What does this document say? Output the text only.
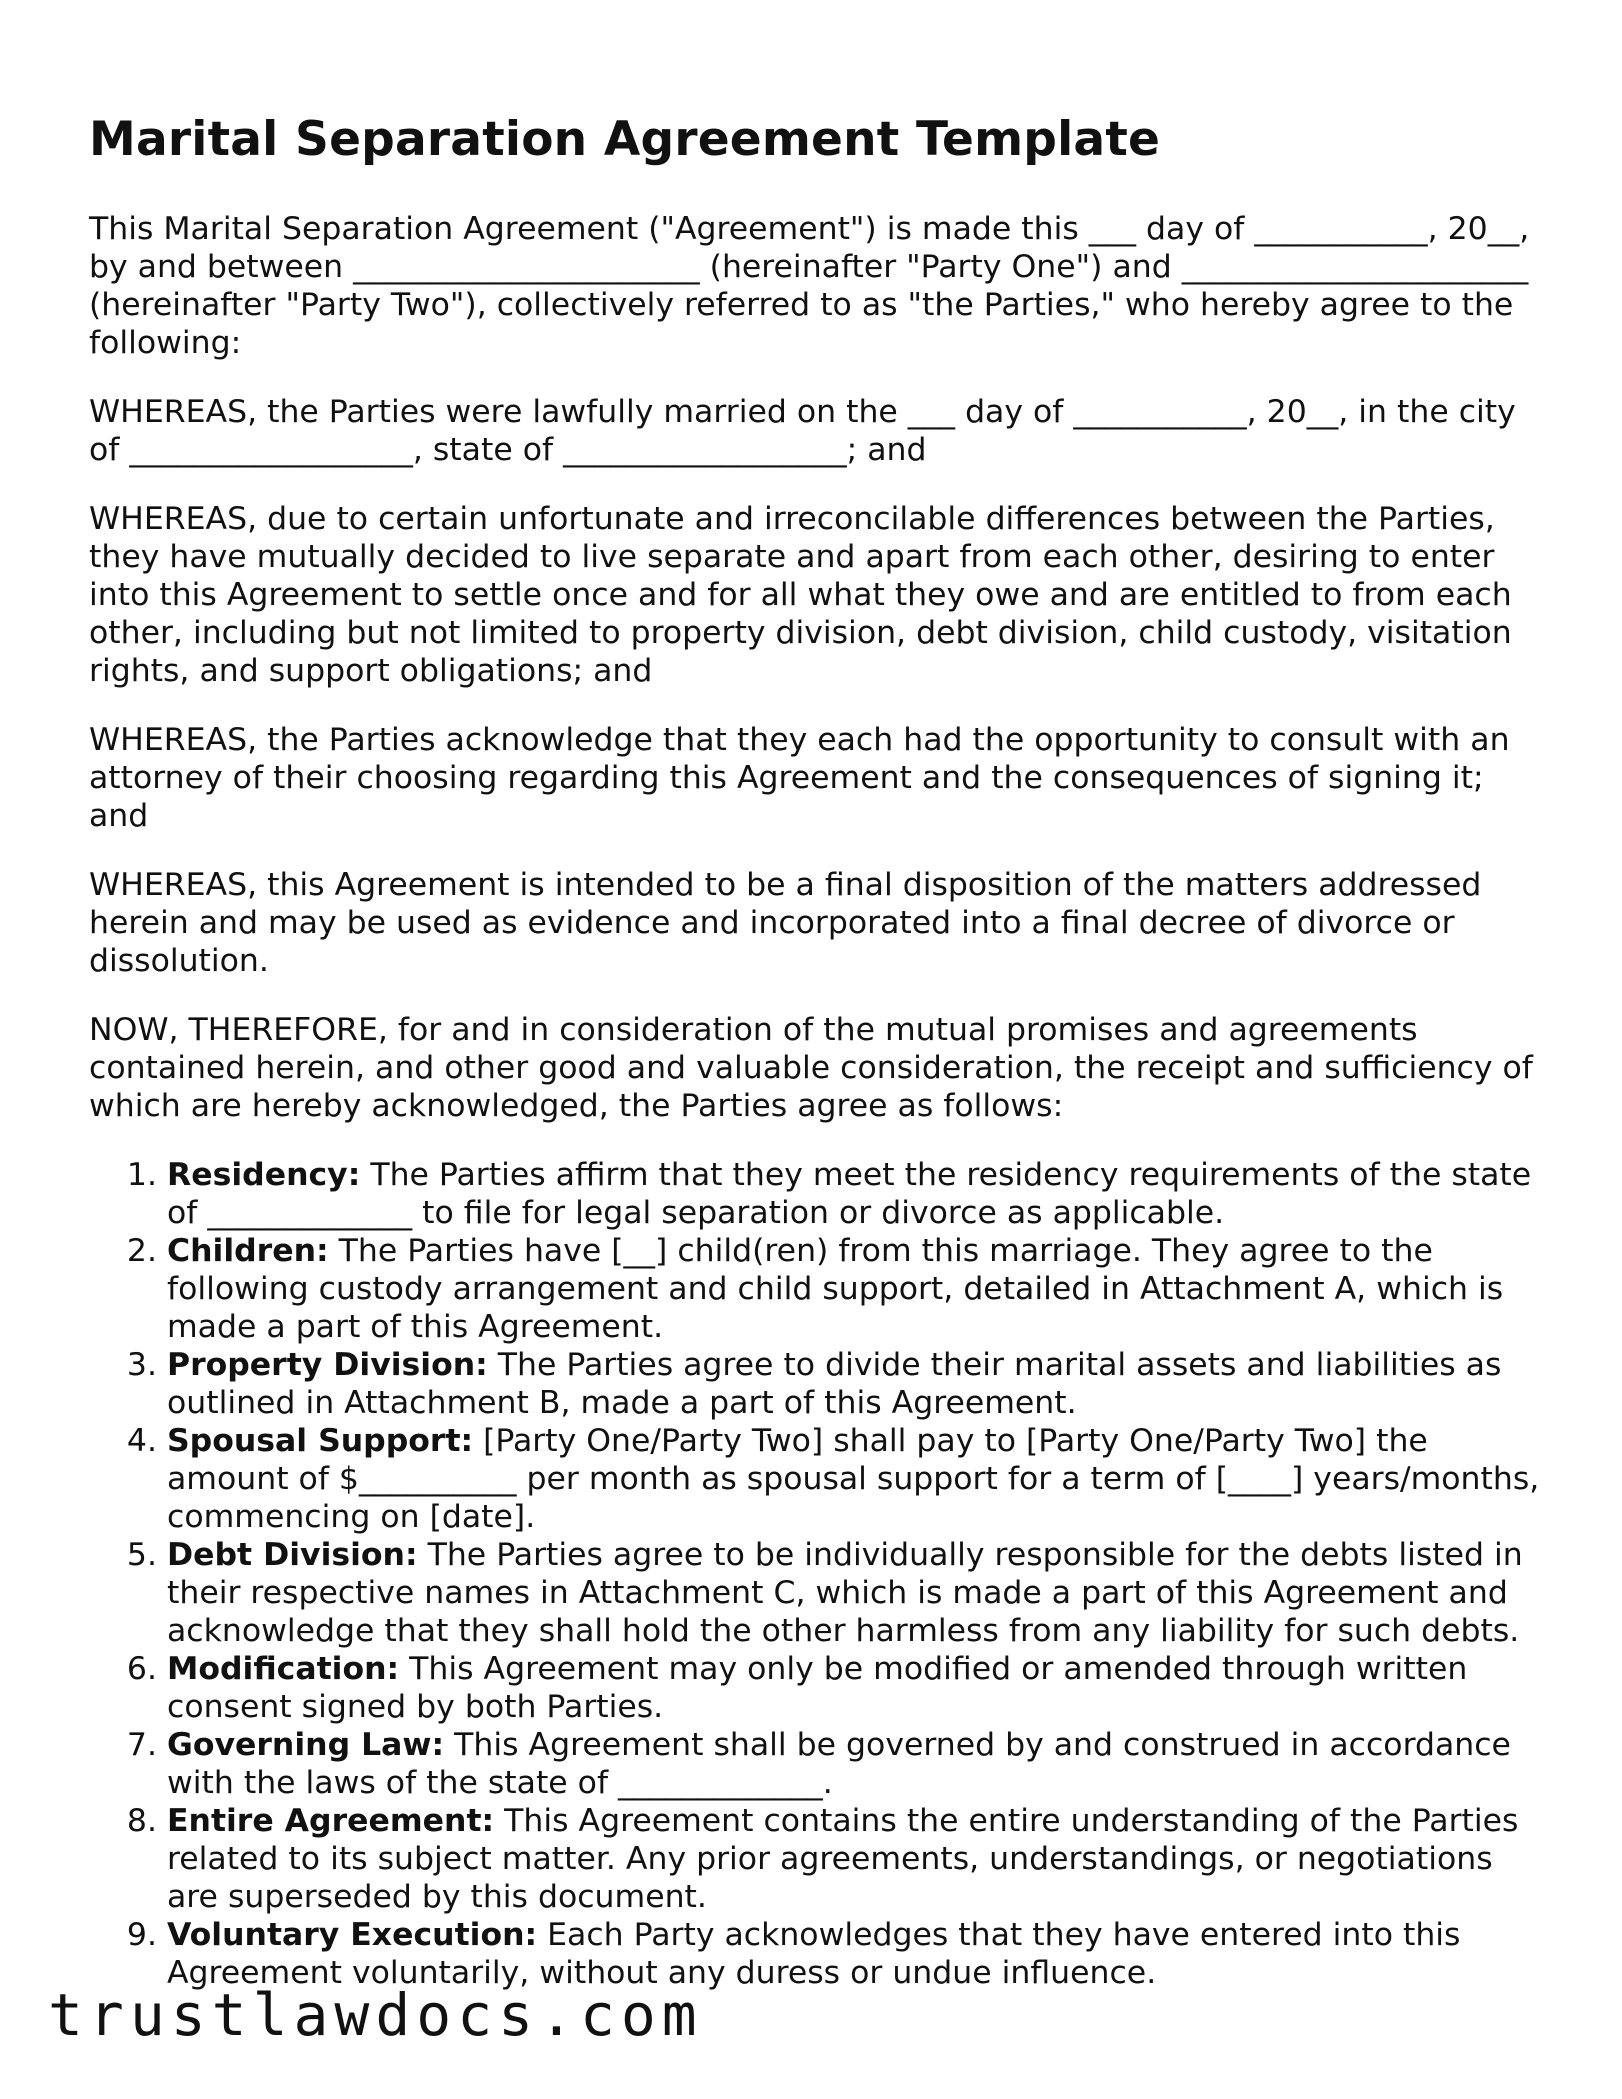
Marital Separation Agreement Template

This Marital Separation Agreement ("Agreement") is made this ___ day of ___________, 20__, by and between ______________________ (hereinafter "Party One") and ______________________ (hereinafter "Party Two"), collectively referred to as "the Parties," who hereby agree to the following:

WHEREAS, the Parties were lawfully married on the ___ day of ___________, 20__, in the city of __________________, state of __________________; and

WHEREAS, due to certain unfortunate and irreconcilable differences between the Parties, they have mutually decided to live separate and apart from each other, desiring to enter into this Agreement to settle once and for all what they owe and are entitled to from each other, including but not limited to property division, debt division, child custody, visitation rights, and support obligations; and

WHEREAS, the Parties acknowledge that they each had the opportunity to consult with an attorney of their choosing regarding this Agreement and the consequences of signing it; and

WHEREAS, this Agreement is intended to be a final disposition of the matters addressed herein and may be used as evidence and incorporated into a final decree of divorce or dissolution.

NOW, THEREFORE, for and in consideration of the mutual promises and agreements contained herein, and other good and valuable consideration, the receipt and sufficiency of which are hereby acknowledged, the Parties agree as follows:

1. Residency: The Parties affirm that they meet the residency requirements of the state of _____________ to file for legal separation or divorce as applicable.
2. Children: The Parties have [__] child(ren) from this marriage. They agree to the following custody arrangement and child support, detailed in Attachment A, which is made a part of this Agreement.
3. Property Division: The Parties agree to divide their marital assets and liabilities as outlined in Attachment B, made a part of this Agreement.
4. Spousal Support: [Party One/Party Two] shall pay to [Party One/Party Two] the amount of $__________ per month as spousal support for a term of [____] years/months, commencing on [date].
5. Debt Division: The Parties agree to be individually responsible for the debts listed in their respective names in Attachment C, which is made a part of this Agreement and acknowledge that they shall hold the other harmless from any liability for such debts.
6. Modification: This Agreement may only be modified or amended through written consent signed by both Parties.
7. Governing Law: This Agreement shall be governed by and construed in accordance with the laws of the state of _____________.
8. Entire Agreement: This Agreement contains the entire understanding of the Parties related to its subject matter. Any prior agreements, understandings, or negotiations are superseded by this document.
9. Voluntary Execution: Each Party acknowledges that they have entered into this Agreement voluntarily, without any duress or undue influence.
trustlawdocs.com
